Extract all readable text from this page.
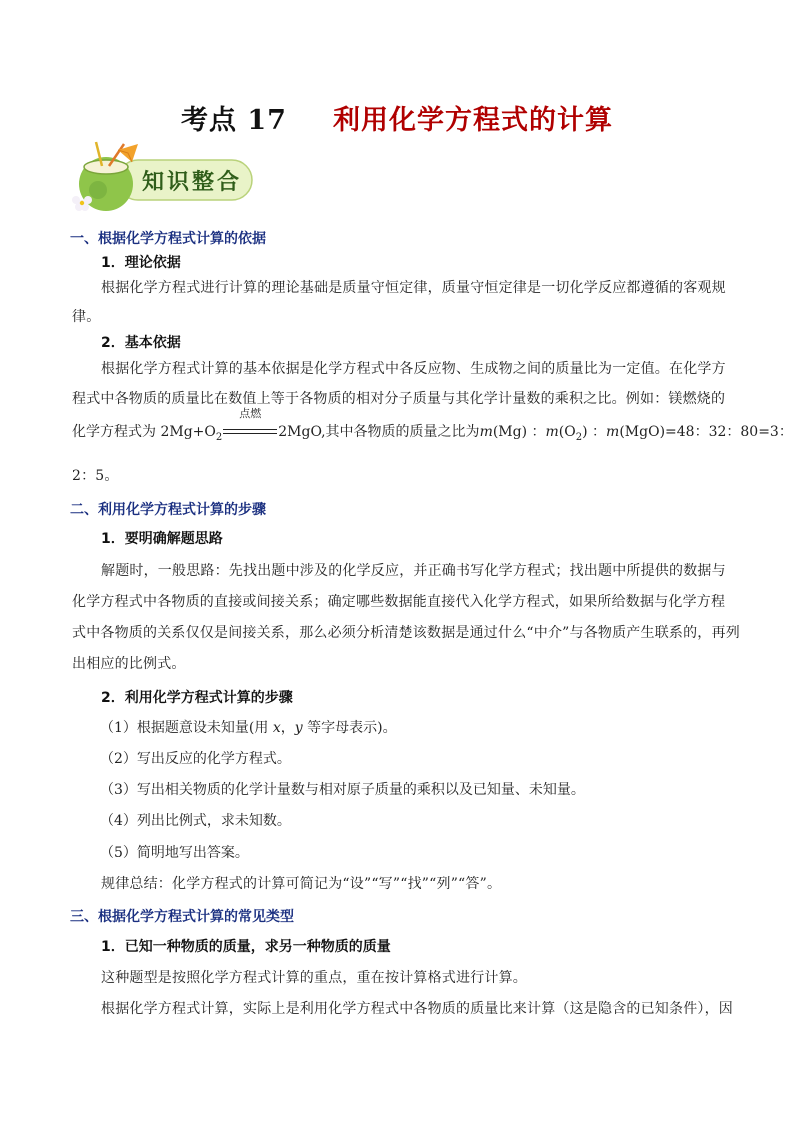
考点 17 利用化学方程式的计算
知识整合
一、根据化学方程式计算的依据
1．理论依据
根据化学方程式进行计算的理论基础是质量守恒定律，质量守恒定律是一切化学反应都遵循的客观规
律。
2．基本依据
根据化学方程式计算的基本依据是化学方程式中各反应物、生成物之间的质量比为一定值。在化学方
程式中各物质的质量比在数值上等于各物质的相对分子质量与其化学计量数的乘积之比。例如：镁燃烧的
化学方程式为 $2Mg+O_2$
点燃
2MgO,其中各物质的质量之比为m(Mg) ：$m(O_2)$ ：m(MgO)=48：32：80=3：
2：5。
二、利用化学方程式计算的步骤
1．要明确解题思路
解题时，一般思路：先找出题中涉及的化学反应，并正确书写化学方程式；找出题中所提供的数据与
化学方程式中各物质的直接或间接关系；确定哪些数据能直接代入化学方程式，如果所给数据与化学方程
式中各物质的关系仅仅是间接关系，那么必须分析清楚该数据是通过什么“中介”与各物质产生联系的，再列
出相应的比例式。
2．利用化学方程式计算的步骤
（1）根据题意设未知量(用 x，y 等字母表示)。
（2）写出反应的化学方程式。
（3）写出相关物质的化学计量数与相对原子质量的乘积以及已知量、未知量。
（4）列出比例式，求未知数。
（5）简明地写出答案。
规律总结：化学方程式的计算可简记为“设”“写”“找”“列”“答”。
三、根据化学方程式计算的常见类型
1．已知一种物质的质量，求另一种物质的质量
这种题型是按照化学方程式计算的重点，重在按计算格式进行计算。
根据化学方程式计算，实际上是利用化学方程式中各物质的质量比来计算（这是隐含的已知条件），因
